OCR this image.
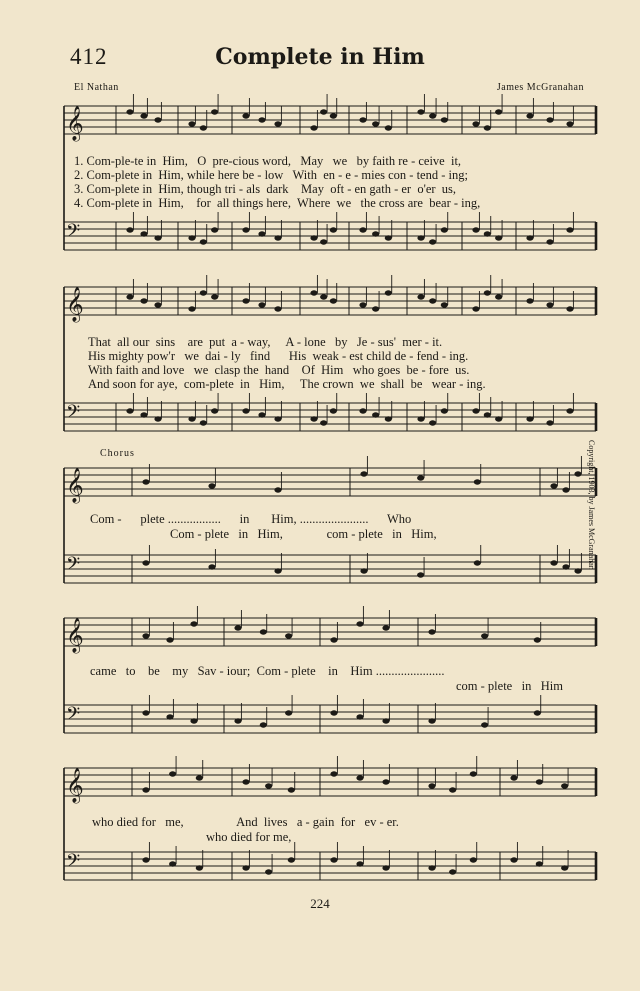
412	Complete in Him
El Nathan	James McGranahan
𝄞
𝄢
𝄞
𝄢
𝄞
𝄢
𝄞
𝄢
𝄞
𝄢
1. Com-ple-te in  Him,   O  pre-cious word,   May   we   by faith re - ceive  it,
2. Com-plete in  Him, while here be - low   With  en - e - mies con - tend - ing;
3. Com-plete in  Him, though tri - als  dark    May  oft - en gath - er  o'er  us,
4. Com-plete in  Him,    for  all things here,  Where  we   the cross are  bear - ing,
That  all our  sins    are  put  a - way,     A - lone   by   Je - sus'  mer - it.
His mighty pow'r   we  dai - ly   find      His  weak - est child de - fend - ing.
With faith and love   we  clasp the  hand    Of  Him   who goes  be - fore  us.
And soon for aye,  com-plete  in   Him,     The crown  we  shall  be   wear - ing.
Chorus
Com -      plete .................      in       Him, ......................      Who
Com - plete   in   Him,              com - plete   in   Him,
came   to    be    my   Sav - iour;  Com - plete    in    Him ......................
com - plete   in   Him
who died for   me,                 And  lives   a - gain  for   ev - er.
who died for me,
Copyright, 1903, by James McGranahan
224
